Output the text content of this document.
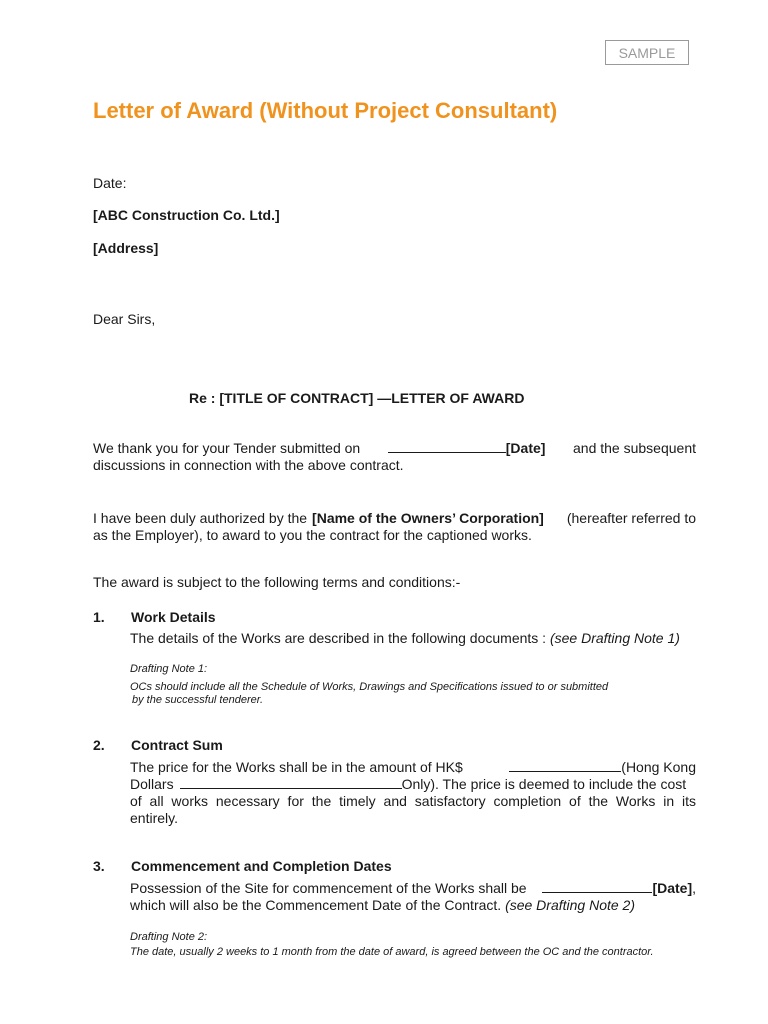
SAMPLE
Letter of Award (Without Project Consultant)
Date:
[ABC Construction Co. Ltd.]
[Address]
Dear Sirs,
Re : [TITLE OF CONTRACT] —LETTER OF AWARD
We thank you for your Tender submitted on	[Date] and the subsequent
discussions in connection with the above contract.
I have been duly authorized by the [Name of the Owners’ Corporation] (hereafter referred to
as the Employer), to award to you the contract for the captioned works.
The award is subject to the following terms and conditions:-
1. Work Details
The details of the Works are described in the following documents : (see Drafting Note 1)
Drafting Note 1:
OCs should include all the Schedule of Works, Drawings and Specifications issued to or submitted
by the successful tenderer.
2. Contract Sum
The price for the Works shall be in the amount of HK$	(Hong Kong
Dollars	Only). The price is deemed to include the cost
of all works necessary for the timely and satisfactory completion of the Works in its
entirely.
3. Commencement and Completion Dates
Possession of the Site for commencement of the Works shall be	[Date],
which will also be the Commencement Date of the Contract. (see Drafting Note 2)
Drafting Note 2:
The date, usually 2 weeks to 1 month from the date of award, is agreed between the OC and the contractor.
